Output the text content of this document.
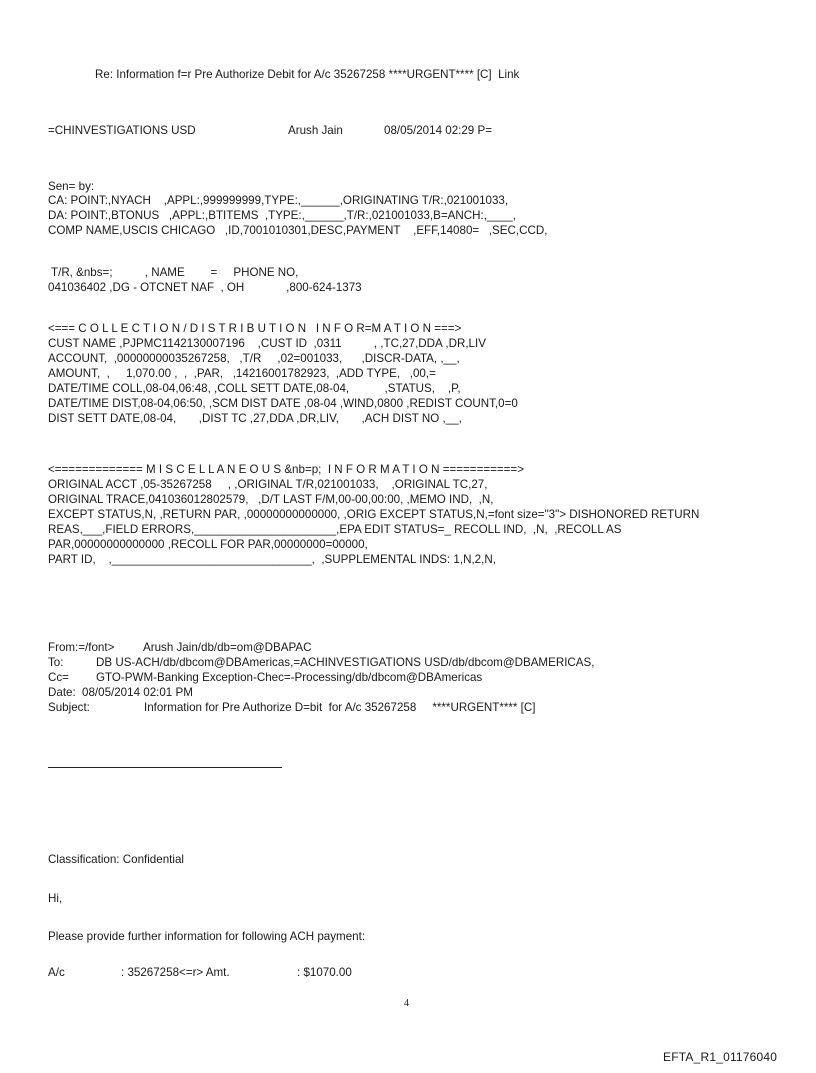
Re: Information f=r Pre Authorize Debit for A/c 35267258 ****URGENT**** [C]  Link
=CHINVESTIGATIONS USD	Arush Jain	08/05/2014 02:29 P=
Sen= by:
CA: POINT:,NYACH    ,APPL:,999999999,TYPE:,______,ORIGINATING T/R:,021001033,
DA: POINT:,BTONUS   ,APPL:,BTITEMS  ,TYPE:,______,T/R:,021001033,B=ANCH:,____,
COMP NAME,USCIS CHICAGO   ,ID,7001010301,DESC,PAYMENT    ,EFF,14080=   ,SEC,CCD,
T/R, &nbs=;          , NAME        =     PHONE NO,
041036402 ,DG - OTCNET NAF  , OH             ,800-624-1373
<=== C O L L E C T I O N / D I S T R I B U T I O N   I N F O R=M A T I O N ===>
CUST NAME ,PJPMC1142130007196    ,CUST ID  ,0311          , ,TC,27,DDA ,DR,LIV
ACCOUNT,  ,00000000035267258,   ,T/R     ,02=001033,      ,DISCR-DATA, ,__,
AMOUNT,  ,     1,070.00 ,  ,  ,PAR,   ,14216001782923,  ,ADD TYPE,   ,00,=
DATE/TIME COLL,08-04,06:48, ,COLL SETT DATE,08-04,           ,STATUS,    ,P,
DATE/TIME DIST,08-04,06:50, ,SCM DIST DATE ,08-04 ,WIND,0800 ,REDIST COUNT,0=0
DIST SETT DATE,08-04,       ,DIST TC ,27,DDA ,DR,LIV,       ,ACH DIST NO ,__,
<============= M I S C E L L A N E O U S &nb=p;  I N F O R M A T I O N ===========>
ORIGINAL ACCT ,05-35267258     , ,ORIGINAL T/R,021001033,    ,ORIGINAL TC,27,
ORIGINAL TRACE,041036012802579,   ,D/T LAST F/M,00-00,00:00, ,MEMO IND,  ,N,
EXCEPT STATUS,N, ,RETURN PAR, ,00000000000000, ,ORIG EXCEPT STATUS,N,=font size="3"> DISHONORED RETURN
REAS,___,FIELD ERRORS,______________________,EPA EDIT STATUS=_ RECOLL IND,  ,N,  ,RECOLL AS
PAR,00000000000000 ,RECOLL FOR PAR,00000000=00000,
PART ID,    ,_______________________________,  ,SUPPLEMENTAL INDS: 1,N,2,N,
From:=/font> Arush Jain/db/db=om@DBAPAC
To:	DB US-ACH/db/dbcom@DBAmericas,=ACHINVESTIGATIONS USD/db/dbcom@DBAMERICAS,
Cc= GTO-PWM-Banking Exception-Chec=-Processing/db/dbcom@DBAmericas
Date: 08/05/2014 02:01 PM
Subject:	Information for Pre Authorize D=bit  for A/c 35267258     ****URGENT**** [C]
Classification: Confidential
Hi,
Please provide further information for following ACH payment:
A/c	: 35267258<=r> Amt.	: $1070.00
4
EFTA_R1_01176040
